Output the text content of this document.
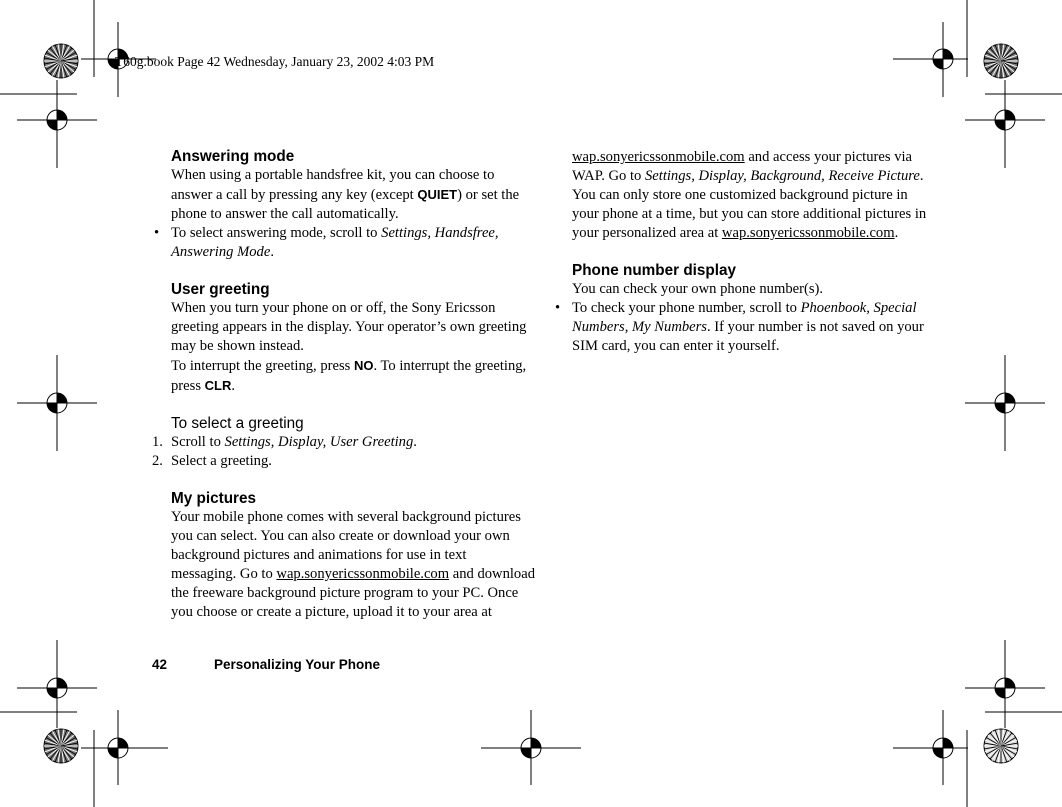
T60g.book Page 42 Wednesday, January 23, 2002 4:03 PM
Answering mode

When using a portable handsfree kit, you can choose to answer a call by pressing any key (except QUIET) or set the phone to answer the call automatically.

• To select answering mode, scroll to Settings, Handsfree, Answering Mode.

User greeting

When you turn your phone on or off, the Sony Ericsson greeting appears in the display. Your operator’s own greeting may be shown instead.

To interrupt the greeting, press NO. To interrupt the greeting, press CLR.

To select a greeting

1. Scroll to Settings, Display, User Greeting.

2. Select a greeting.

My pictures

Your mobile phone comes with several background pictures you can select. You can also create or download your own background pictures and animations for use in text messaging. Go to wap.sonyericssonmobile.com and download the freeware background picture program to your PC. Once you choose or create a picture, upload it to your area at

wap.sonyericssonmobile.com and access your pictures via WAP. Go to Settings, Display, Background, Receive Picture. You can only store one customized background picture in your phone at a time, but you can store additional pictures in your personalized area at wap.sonyericssonmobile.com.

Phone number display

You can check your own phone number(s).

• To check your phone number, scroll to Phoenbook, Special Numbers, My Numbers. If your number is not saved on your SIM card, you can enter it yourself.

42	Personalizing Your Phone
